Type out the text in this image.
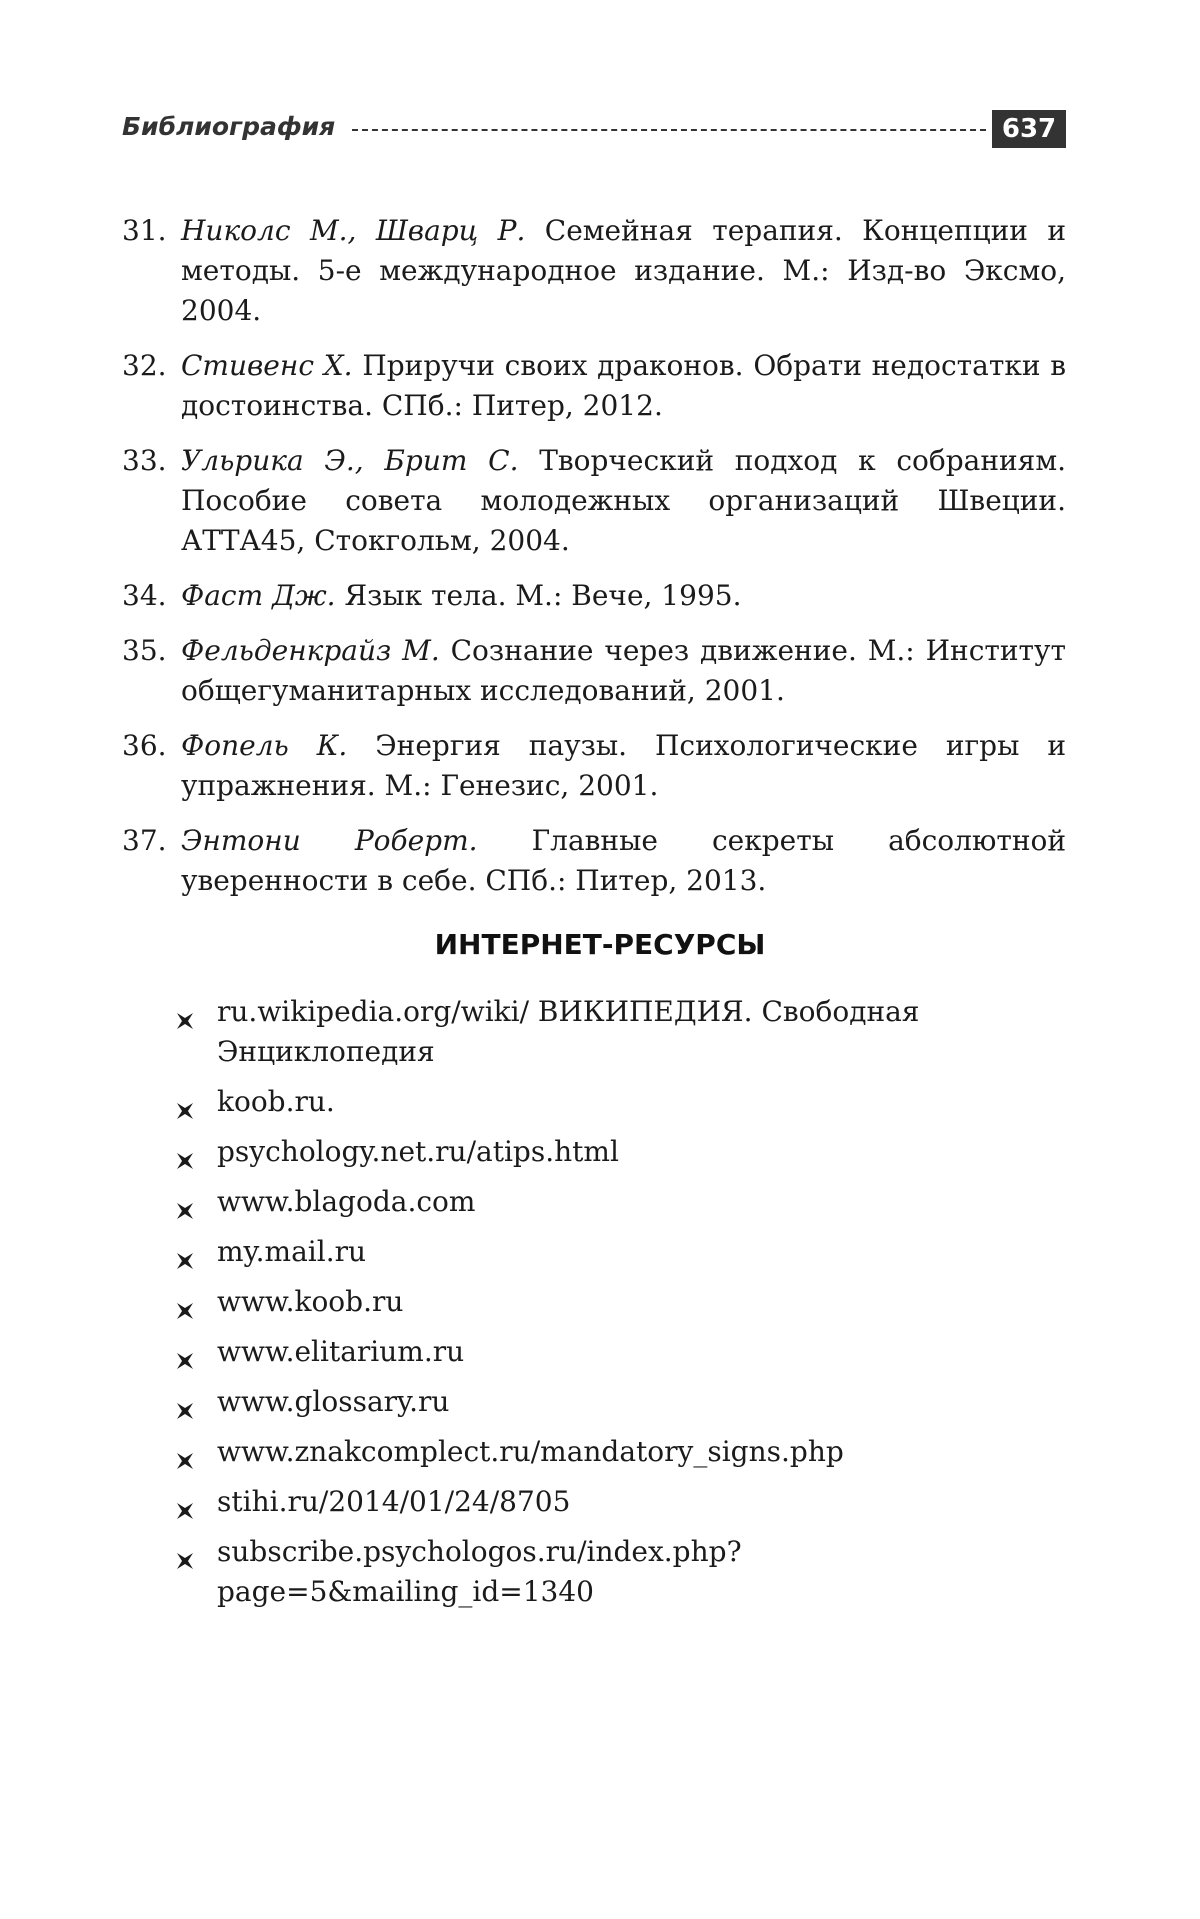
Библиография	637
31. Николс М., Шварц Р. Семейная терапия. Концепции и методы. 5-е международное издание. М.: Изд-во Эксмо, 2004.
32. Стивенс Х. Приручи своих драконов. Обрати недостатки в достоинства. СПб.: Питер, 2012.
33. Ульрика Э., Брит С. Творческий подход к собраниям. Пособие совета молодежных организаций Швеции. АТТА45, Стокгольм, 2004.
34. Фаст Дж. Язык тела. М.: Вече, 1995.
35. Фельденкрайз М. Сознание через движение. М.: Институт общегуманитарных исследований, 2001.
36. Фопель К. Энергия паузы. Психологические игры и упражнения. М.: Генезис, 2001.
37. Энтони Роберт. Главные секреты абсолютной уверенности в себе. СПб.: Питер, 2013.
ИНТЕРНЕТ-РЕСУРСЫ
ru.wikipedia.org/wiki/ ВИКИПЕДИЯ. Свободная Энциклопедия
koob.ru.
psychology.net.ru/atips.html
www.blagoda.com
my.mail.ru
www.koob.ru
www.elitarium.ru
www.glossary.ru
www.znakcomplect.ru/mandatory_signs.php
stihi.ru/2014/01/24/8705
subscribe.psychologos.ru/index.php?page=5&mailing_id=1340
